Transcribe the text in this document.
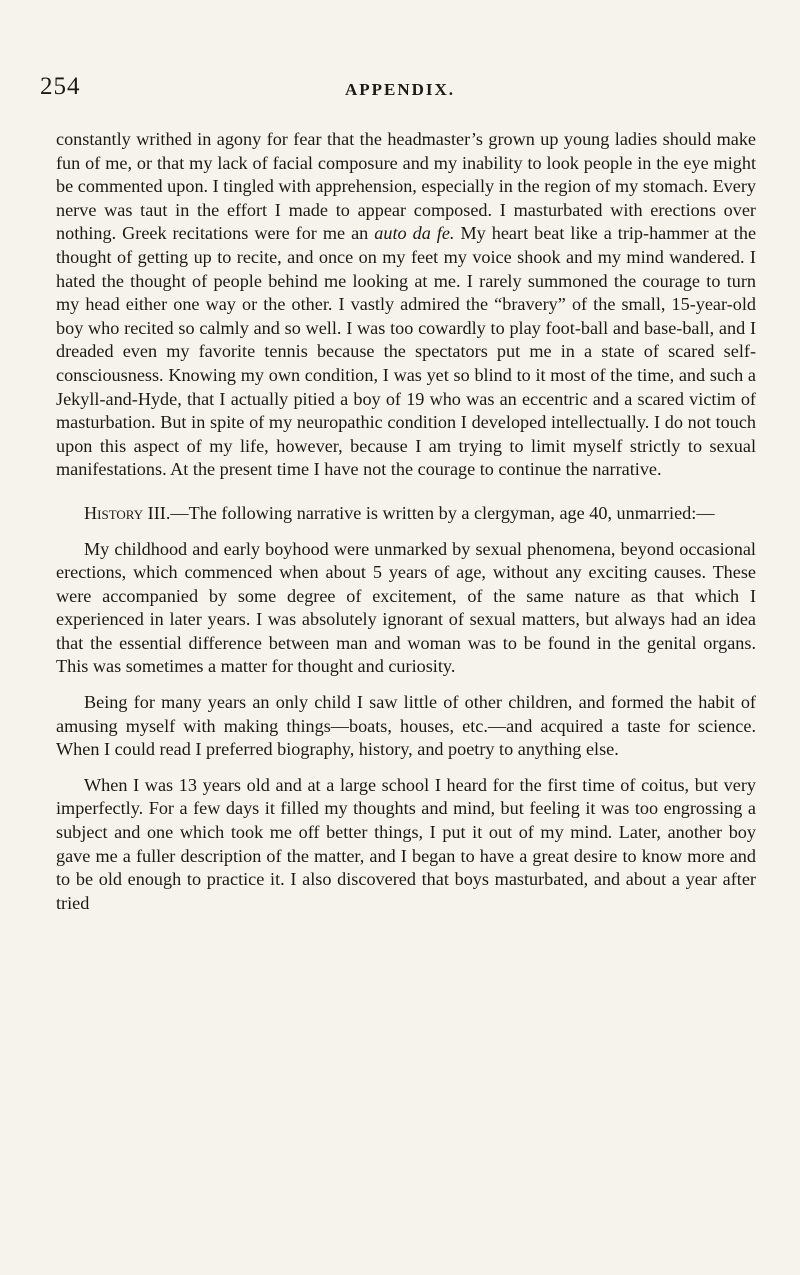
254	APPENDIX.

constantly writhed in agony for fear that the headmaster’s grown up young ladies should make fun of me, or that my lack of facial composure and my inability to look people in the eye might be commented upon. I tingled with apprehension, especially in the region of my stomach. Every nerve was taut in the effort I made to appear composed. I masturbated with erections over nothing. Greek recitations were for me an auto da fe. My heart beat like a trip-hammer at the thought of getting up to recite, and once on my feet my voice shook and my mind wandered. I hated the thought of people behind me looking at me. I rarely summoned the courage to turn my head either one way or the other. I vastly admired the “bravery” of the small, 15-year-old boy who recited so calmly and so well. I was too cowardly to play foot-ball and base-ball, and I dreaded even my favorite tennis because the spectators put me in a state of scared self-consciousness. Knowing my own condition, I was yet so blind to it most of the time, and such a Jekyll-and-Hyde, that I actually pitied a boy of 19 who was an eccentric and a scared victim of masturbation. But in spite of my neuropathic condition I developed intellectually. I do not touch upon this aspect of my life, however, because I am trying to limit myself strictly to sexual manifestations. At the present time I have not the courage to continue the narrative.

History III.—The following narrative is written by a clergyman, age 40, unmarried:—

My childhood and early boyhood were unmarked by sexual phenomena, beyond occasional erections, which commenced when about 5 years of age, without any exciting causes. These were accompanied by some degree of excitement, of the same nature as that which I experienced in later years. I was absolutely ignorant of sexual matters, but always had an idea that the essential difference between man and woman was to be found in the genital organs. This was sometimes a matter for thought and curiosity.

Being for many years an only child I saw little of other children, and formed the habit of amusing myself with making things—boats, houses, etc.—and acquired a taste for science. When I could read I preferred biography, history, and poetry to anything else.

When I was 13 years old and at a large school I heard for the first time of coitus, but very imperfectly. For a few days it filled my thoughts and mind, but feeling it was too engrossing a subject and one which took me off better things, I put it out of my mind. Later, another boy gave me a fuller description of the matter, and I began to have a great desire to know more and to be old enough to practice it. I also discovered that boys masturbated, and about a year after tried
